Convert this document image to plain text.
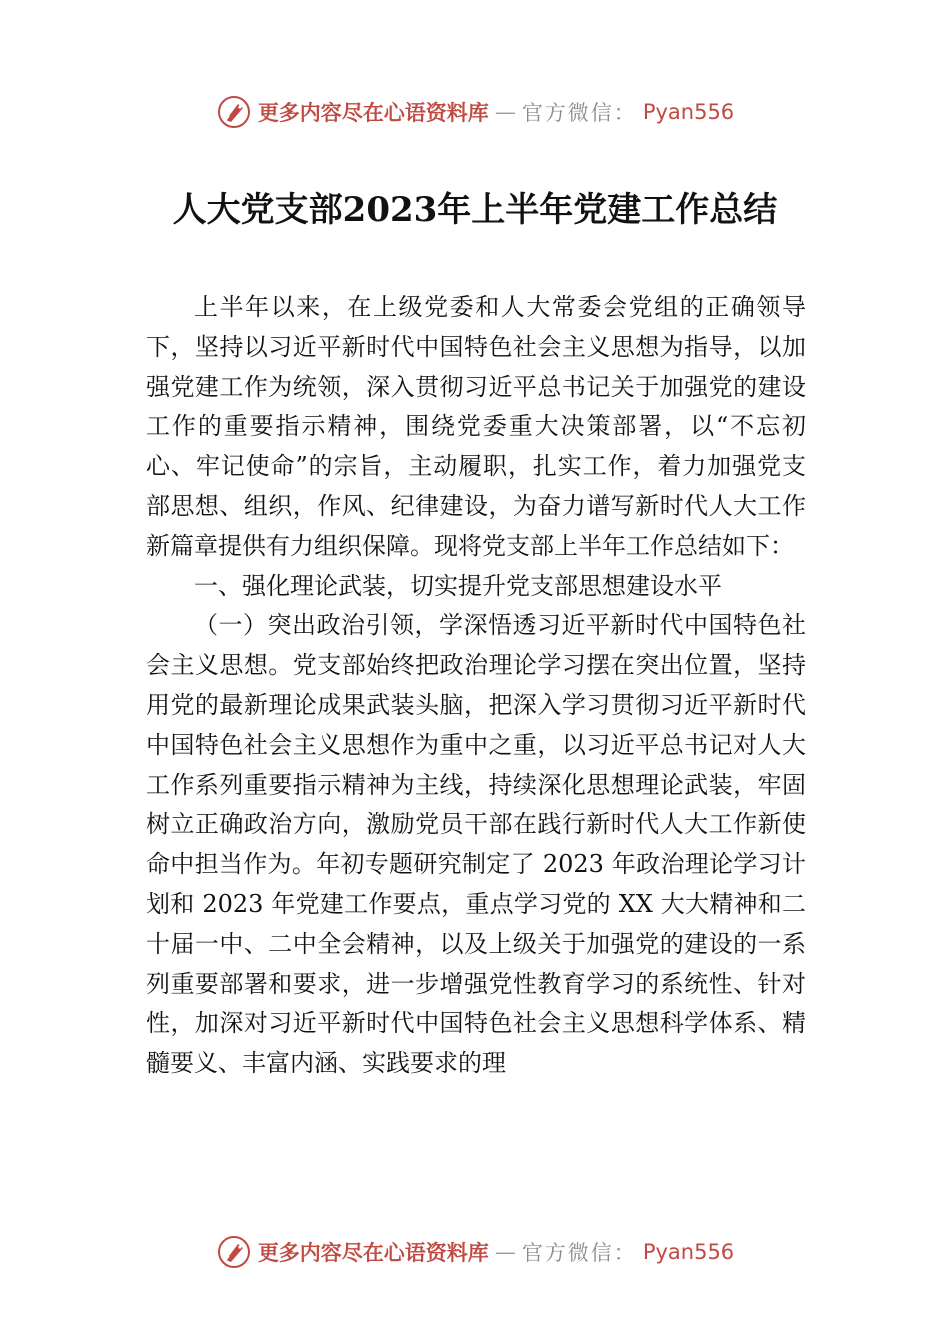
更多内容尽在心语资料库 — 官方微信： Pyan556
人大党支部2023年上半年党建工作总结

上半年以来，在上级党委和人大常委会党组的正确领导下，坚持以习近平新时代中国特色社会主义思想为指导，以加强党建工作为统领，深入贯彻习近平总书记关于加强党的建设工作的重要指示精神，围绕党委重大决策部署，以“不忘初心、牢记使命”的宗旨，主动履职，扎实工作，着力加强党支部思想、组织，作风、纪律建设，为奋力谱写新时代人大工作新篇章提供有力组织保障。现将党支部上半年工作总结如下：

一、强化理论武装，切实提升党支部思想建设水平

（一）突出政治引领，学深悟透习近平新时代中国特色社会主义思想。党支部始终把政治理论学习摆在突出位置，坚持用党的最新理论成果武装头脑，把深入学习贯彻习近平新时代中国特色社会主义思想作为重中之重，以习近平总书记对人大工作系列重要指示精神为主线，持续深化思想理论武装，牢固树立正确政治方向，激励党员干部在践行新时代人大工作新使命中担当作为。年初专题研究制定了 2023 年政治理论学习计划和 2023 年党建工作要点，重点学习党的 XX 大大精神和二十届一中、二中全会精神，以及上级关于加强党的建设的一系列重要部署和要求，进一步增强党性教育学习的系统性、针对性，加深对习近平新时代中国特色社会主义思想科学体系、精髓要义、丰富内涵、实践要求的理

更多内容尽在心语资料库 — 官方微信： Pyan556
